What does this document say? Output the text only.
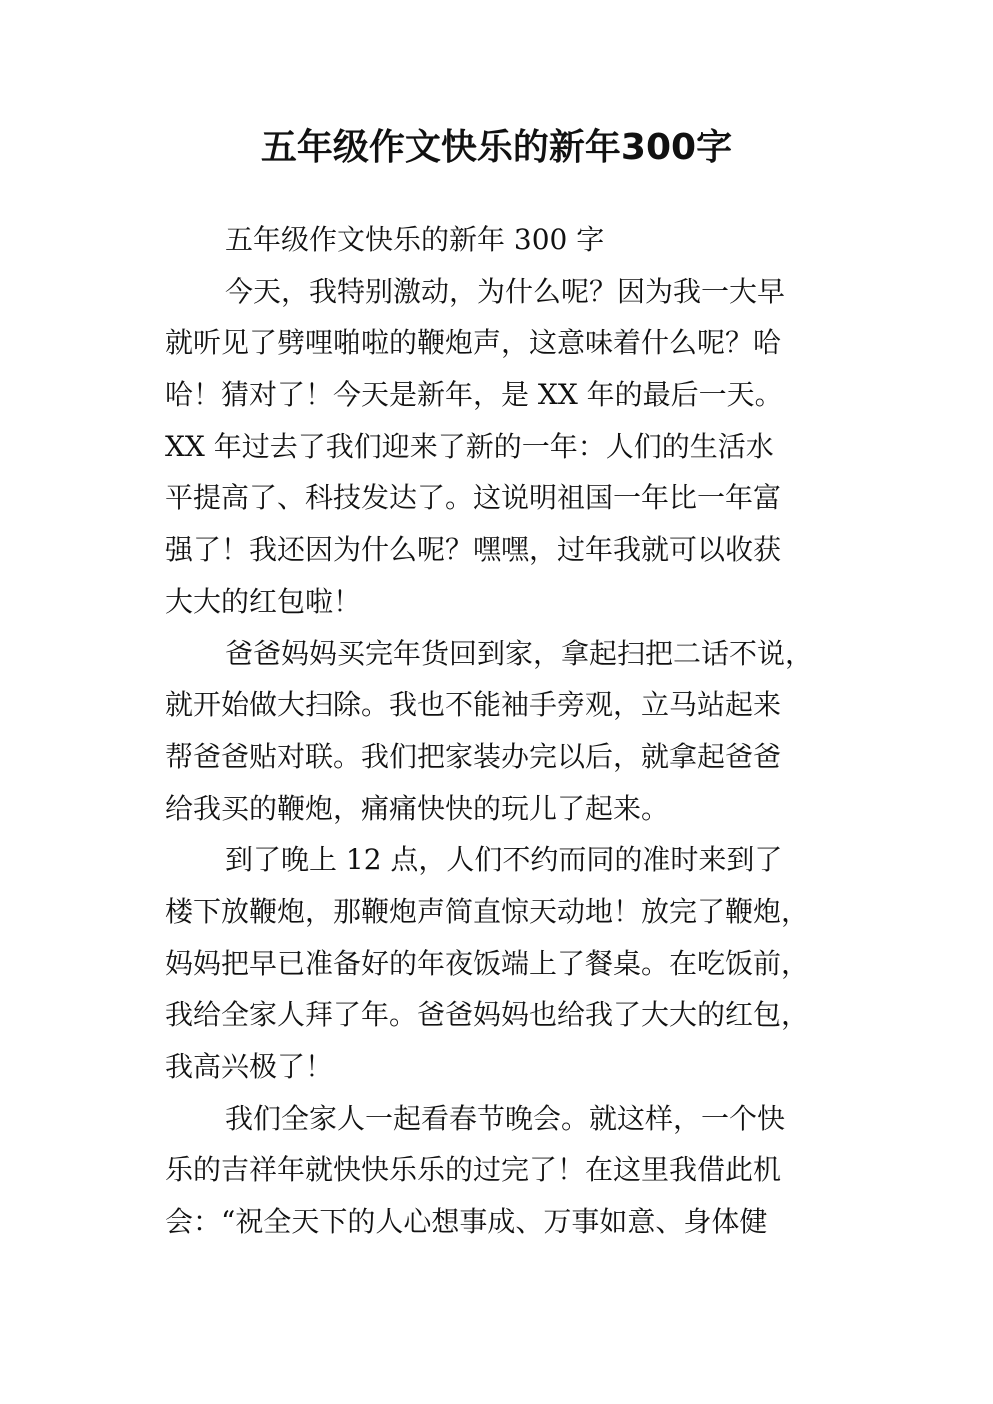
五年级作文快乐的新年300字
五年级作文快乐的新年 300 字
今天，我特别激动，为什么呢？因为我一大早
就听见了劈哩啪啦的鞭炮声，这意味着什么呢？哈
哈！猜对了！今天是新年，是 XX 年的最后一天。
XX 年过去了我们迎来了新的一年：人们的生活水
平提高了、科技发达了。这说明祖国一年比一年富
强了！我还因为什么呢？嘿嘿，过年我就可以收获
大大的红包啦！
爸爸妈妈买完年货回到家，拿起扫把二话不说，
就开始做大扫除。我也不能袖手旁观，立马站起来
帮爸爸贴对联。我们把家装办完以后，就拿起爸爸
给我买的鞭炮，痛痛快快的玩儿了起来。
到了晚上 12 点，人们不约而同的准时来到了
楼下放鞭炮，那鞭炮声简直惊天动地！放完了鞭炮，
妈妈把早已准备好的年夜饭端上了餐桌。在吃饭前，
我给全家人拜了年。爸爸妈妈也给我了大大的红包，
我高兴极了！
我们全家人一起看春节晚会。就这样，一个快
乐的吉祥年就快快乐乐的过完了！在这里我借此机
会：“祝全天下的人心想事成、万事如意、身体健
